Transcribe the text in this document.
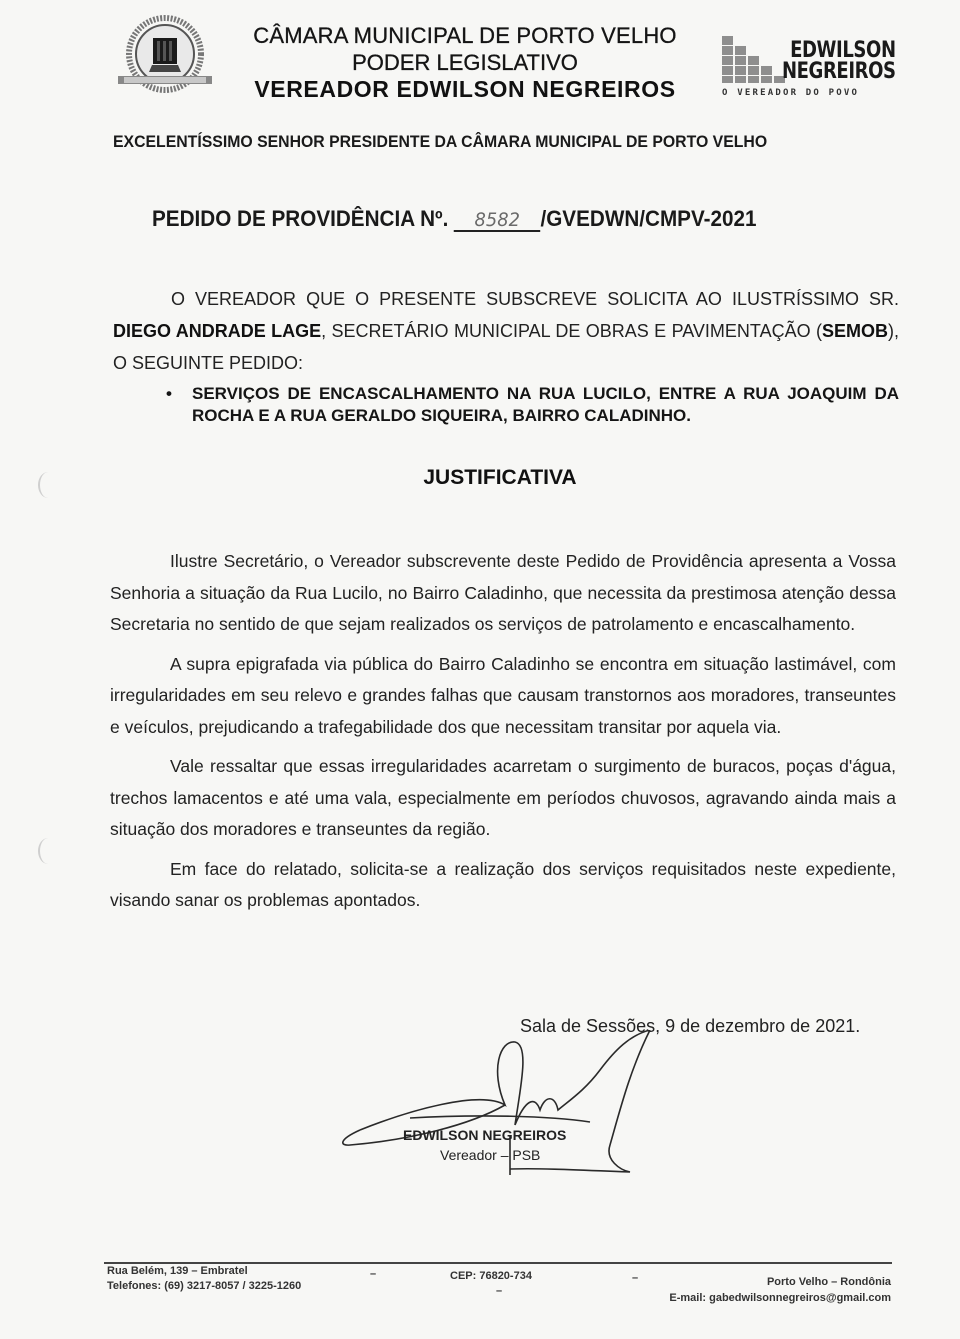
CÂMARA MUNICIPAL DE PORTO VELHO
PODER LEGISLATIVO
VEREADOR EDWILSON NEGREIROS
EDWILSON
NEGREIROS
O VEREADOR DO POVO
EXCELENTÍSSIMO SENHOR PRESIDENTE DA CÂMARA MUNICIPAL DE PORTO VELHO
PEDIDO DE PROVIDÊNCIA Nº. 8582 /GVEDWN/CMPV-2021
O VEREADOR QUE O PRESENTE SUBSCREVE SOLICITA AO ILUSTRÍSSIMO SR. DIEGO ANDRADE LAGE, SECRETÁRIO MUNICIPAL DE OBRAS E PAVIMENTAÇÃO (SEMOB), O SEGUINTE PEDIDO:
• SERVIÇOS DE ENCASCALHAMENTO NA RUA LUCILO, ENTRE A RUA JOAQUIM DA ROCHA E A RUA GERALDO SIQUEIRA, BAIRRO CALADINHO.
JUSTIFICATIVA

Ilustre Secretário, o Vereador subscrevente deste Pedido de Providência apresenta a Vossa Senhoria a situação da Rua Lucilo, no Bairro Caladinho, que necessita da prestimosa atenção dessa Secretaria no sentido de que sejam realizados os serviços de patrolamento e encascalhamento.

A supra epigrafada via pública do Bairro Caladinho se encontra em situação lastimável, com irregularidades em seu relevo e grandes falhas que causam transtornos aos moradores, transeuntes e veículos, prejudicando a trafegabilidade dos que necessitam transitar por aquela via.

Vale ressaltar que essas irregularidades acarretam o surgimento de buracos, poças d'água, trechos lamacentos e até uma vala, especialmente em períodos chuvosos, agravando ainda mais a situação dos moradores e transeuntes da região.

Em face do relatado, solicita-se a realização dos serviços requisitados neste expediente, visando sanar os problemas apontados.

Sala de Sessões, 9 de dezembro de 2021.
EDWILSON NEGREIROS
Vereador – PSB
Rua Belém, 139 – Embratel
Telefones: (69) 3217-8057 / 3225-1260
–	CEP: 76820-734
–
–	Porto Velho – Rondônia
E-mail: gabedwilsonnegreiros@gmail.com
